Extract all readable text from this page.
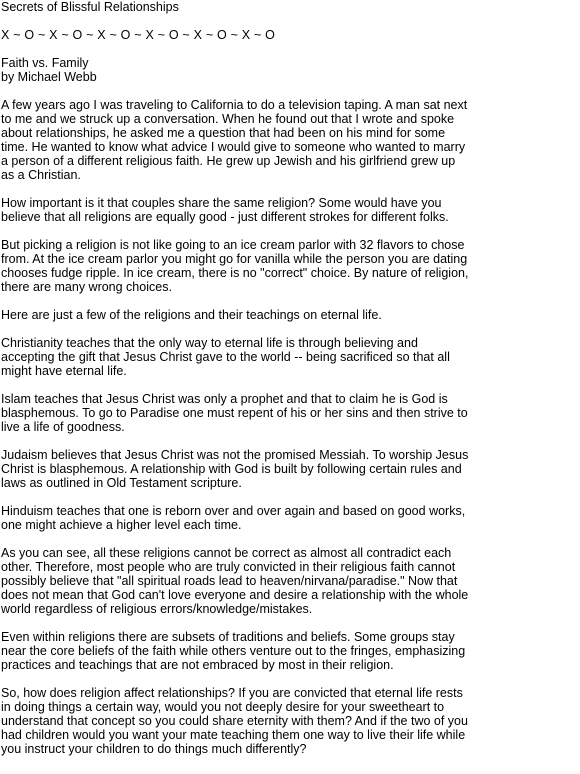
Secrets of Blissful Relationships
X ~ O ~ X ~ O ~ X ~ O ~ X ~ O ~ X ~ O ~ X ~ O
Faith vs. Family
by Michael Webb

A few years ago I was traveling to California to do a television taping. A man sat next to me and we struck up a conversation. When he found out that I wrote and spoke about relationships, he asked me a question that had been on his mind for some time. He wanted to know what advice I would give to someone who wanted to marry a person of a different religious faith. He grew up Jewish and his girlfriend grew up as a Christian.

How important is it that couples share the same religion? Some would have you believe that all religions are equally good - just different strokes for different folks.

But picking a religion is not like going to an ice cream parlor with 32 flavors to chose from. At the ice cream parlor you might go for vanilla while the person you are dating chooses fudge ripple. In ice cream, there is no "correct" choice. By nature of religion, there are many wrong choices.

Here are just a few of the religions and their teachings on eternal life.

Christianity teaches that the only way to eternal life is through believing and accepting the gift that Jesus Christ gave to the world -- being sacrificed so that all might have eternal life.

Islam teaches that Jesus Christ was only a prophet and that to claim he is God is blasphemous. To go to Paradise one must repent of his or her sins and then strive to live a life of goodness.

Judaism believes that Jesus Christ was not the promised Messiah. To worship Jesus Christ is blasphemous. A relationship with God is built by following certain rules and laws as outlined in Old Testament scripture.

Hinduism teaches that one is reborn over and over again and based on good works, one might achieve a higher level each time.

As you can see, all these religions cannot be correct as almost all contradict each other. Therefore, most people who are truly convicted in their religious faith cannot possibly believe that "all spiritual roads lead to heaven/nirvana/paradise." Now that does not mean that God can't love everyone and desire a relationship with the whole world regardless of religious errors/knowledge/mistakes.

Even within religions there are subsets of traditions and beliefs. Some groups stay near the core beliefs of the faith while others venture out to the fringes, emphasizing practices and teachings that are not embraced by most in their religion.

So, how does religion affect relationships? If you are convicted that eternal life rests in doing things a certain way, would you not deeply desire for your sweetheart to understand that concept so you could share eternity with them? And if the two of you had children would you want your mate teaching them one way to live their life while you instruct your children to do things much differently?
